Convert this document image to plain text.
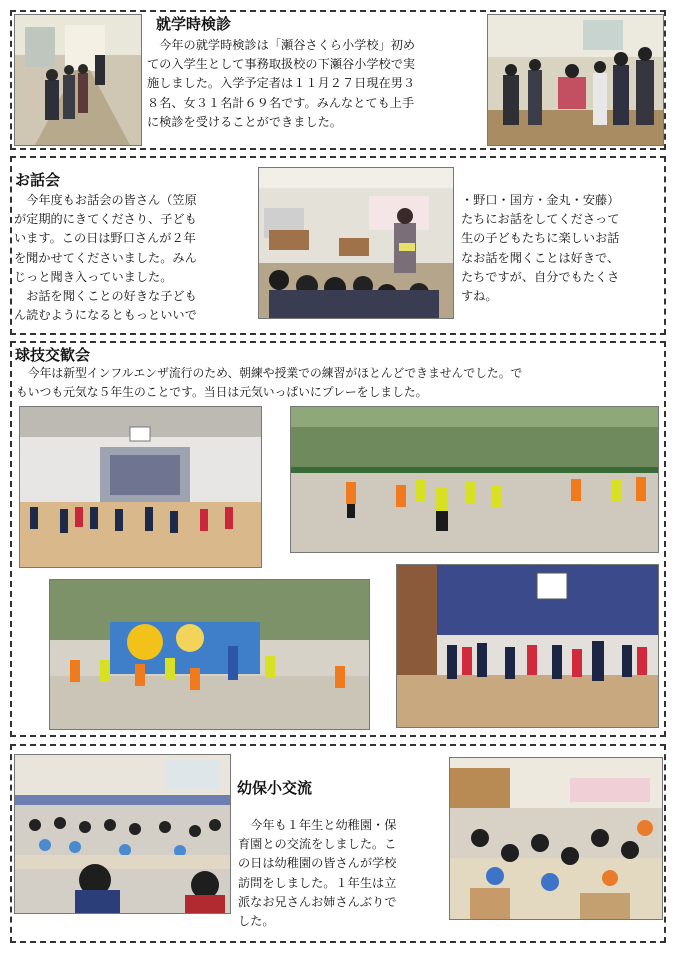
就学時検診
　今年の就学時検診は「瀬谷さくら小学校」初め
ての入学生として事務取扱校の下瀬谷小学校で実
施しました。入学予定者は１１月２７日現在男３
８名、女３１名計６９名です。みんなとても上手
に検診を受けることができました。
お話会
　今年度もお話会の皆さん（笠原
が定期的にきてくださり、子ども
います。この日は野口さんが２年
を聞かせてくださいました。みん
じっと聞き入っていました。
　お話を聞くことの好きな子ども
ん読むようになるともっといいで
・野口・国方・金丸・安藤）
たちにお話をしてくださって
生の子どもたちに楽しいお話
なお話を聞くことは好きで、
たちですが、自分でもたくさ
すね。
球技交歓会
　今年は新型インフルエンザ流行のため、朝練や授業での練習がほとんどできませんでした。で
もいつも元気な５年生のことです。当日は元気いっぱいにプレーをしました。
幼保小交流
　今年も１年生と幼稚園・保
育園との交流をしました。こ
の日は幼稚園の皆さんが学校
訪問をしました。１年生は立
派なお兄さんお姉さんぶりで
した。
